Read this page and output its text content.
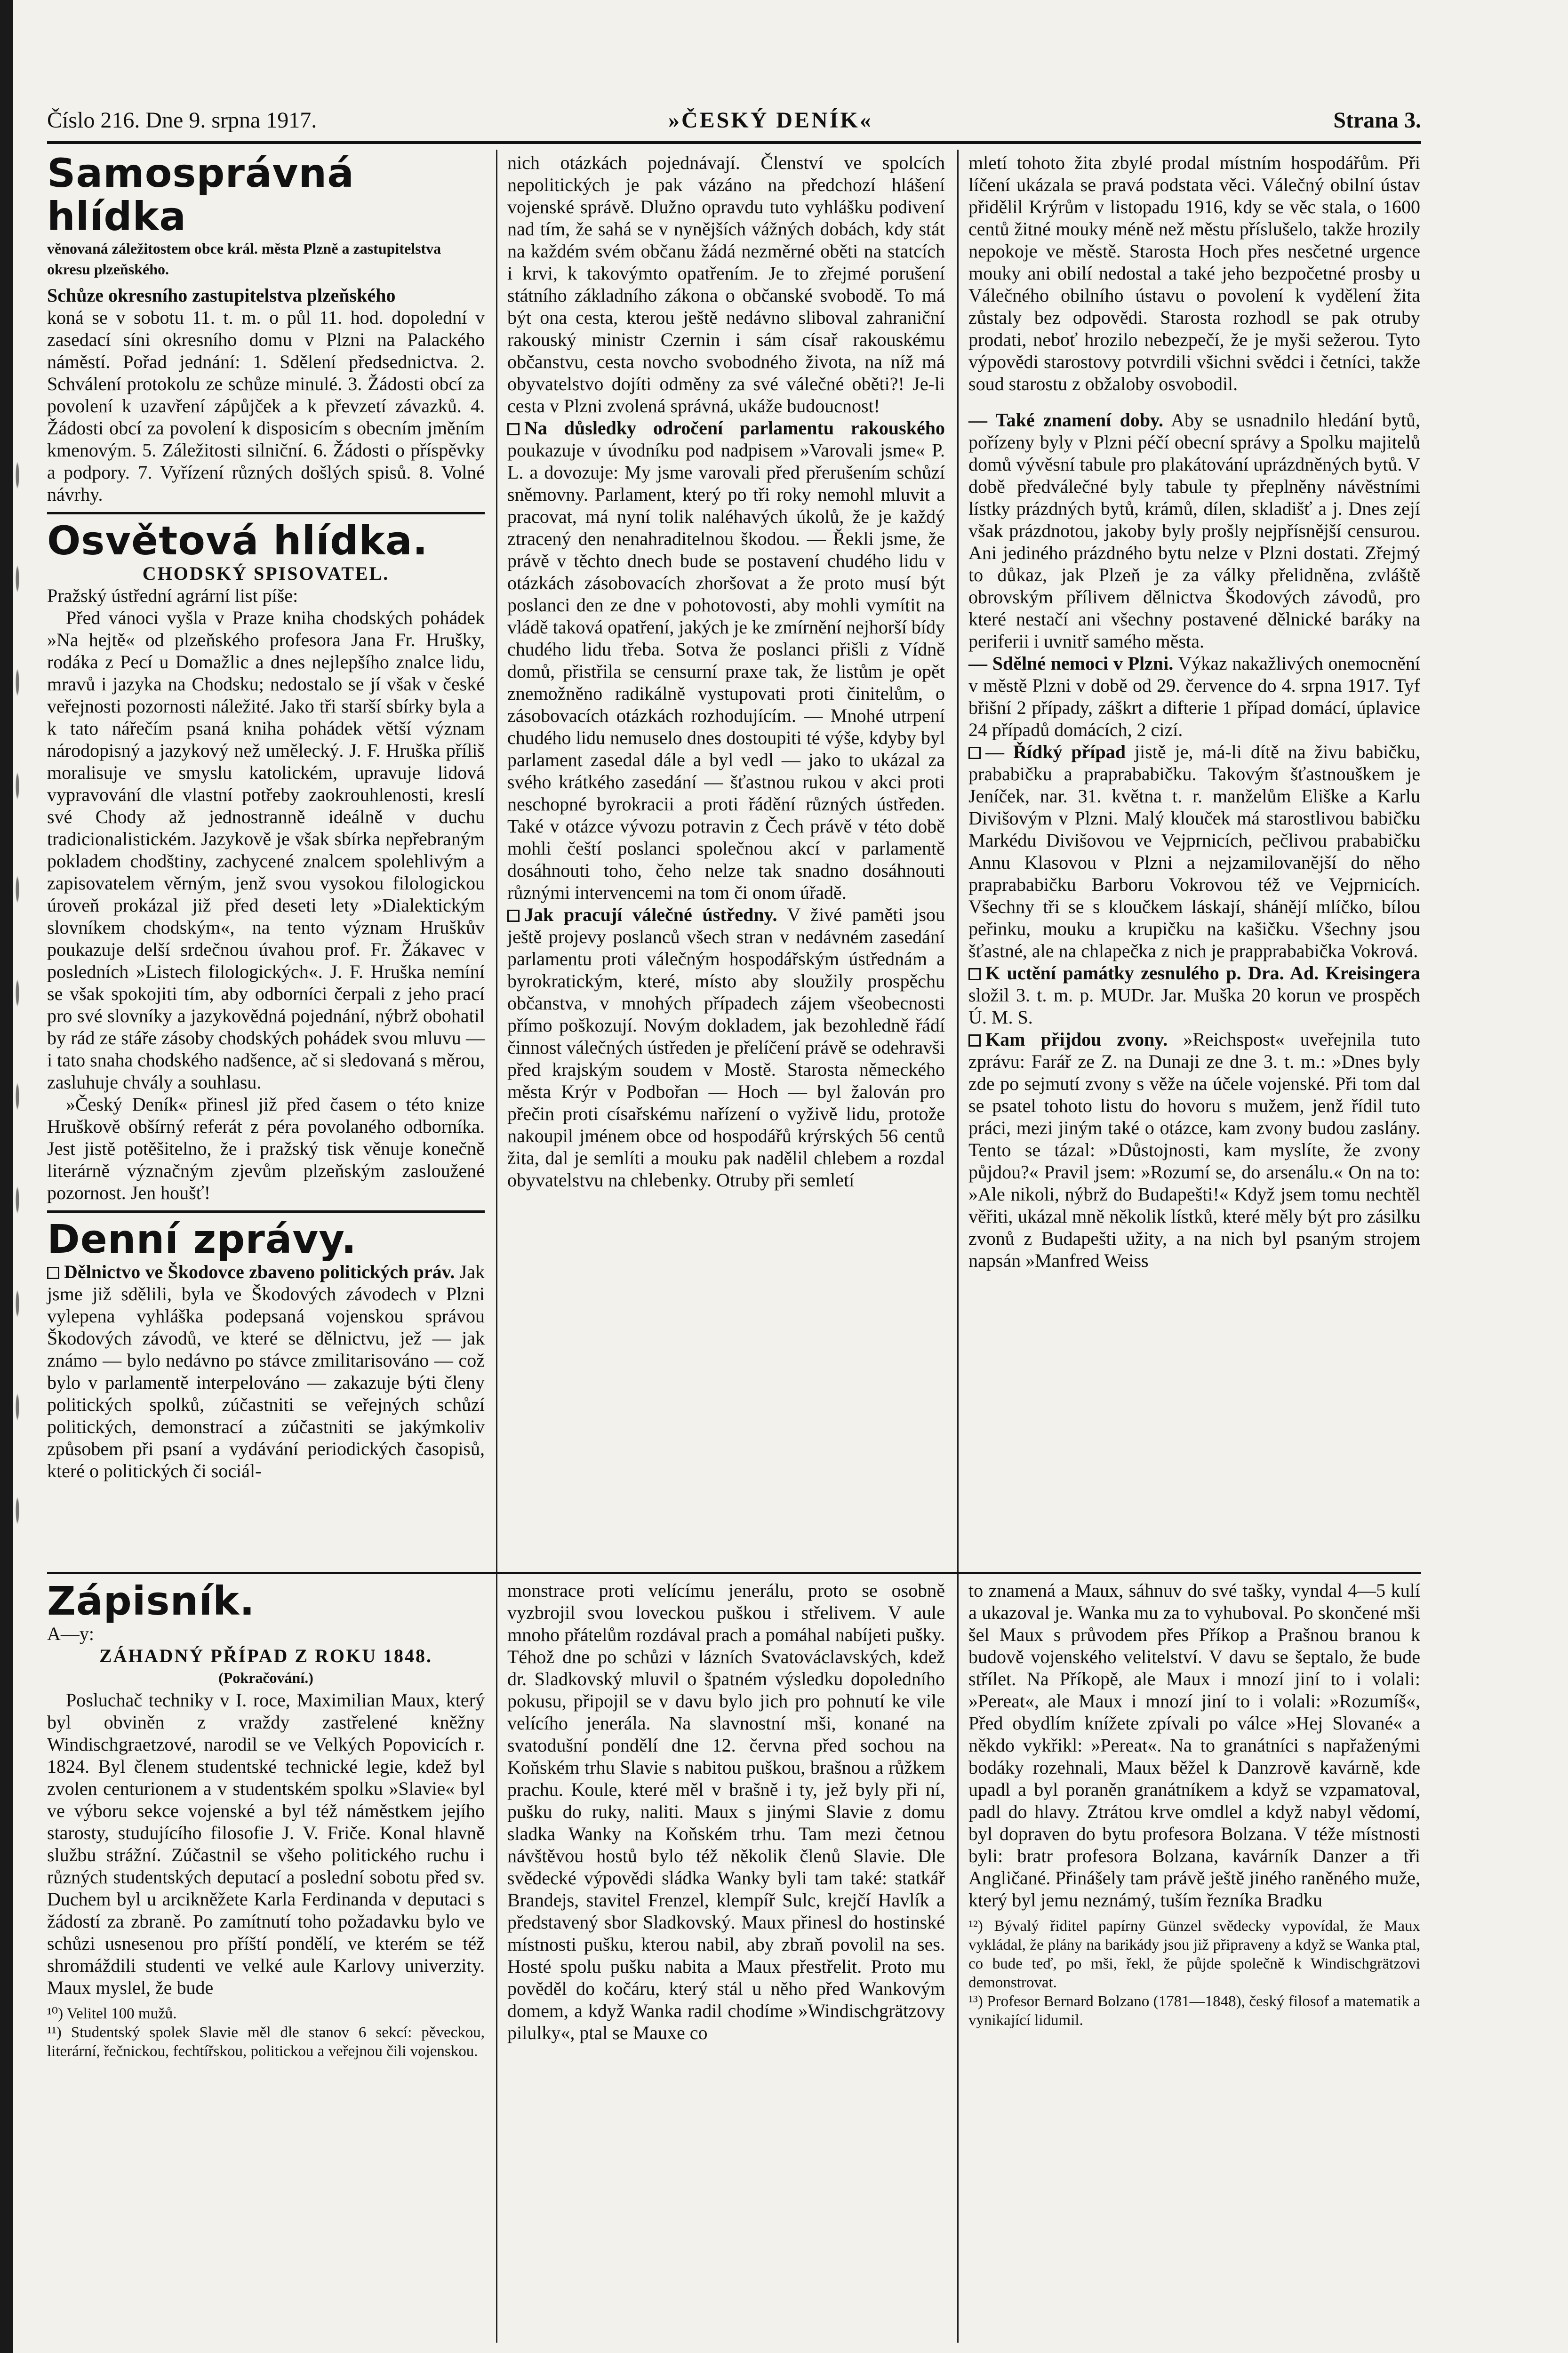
Číslo 216. Dne 9. srpna 1917.	»ČESKÝ DENÍK«	Strana 3.
Samosprávná hlídka

věnovaná záležitostem obce král. města Plzně a zastupitelstva okresu plzeňského.

Schůze okresního zastupitelstva plzeňského

koná se v sobotu 11. t. m. o půl 11. hod. dopolední v zasedací síni okresního domu v Plzni na Palackého náměstí. Pořad jednání: 1. Sdělení předsednictva. 2. Schválení protokolu ze schůze minulé. 3. Žádosti obcí za povolení k uzavření zápůjček a k převzetí závazků. 4. Žádosti obcí za povolení k disposicím s obecním jměním kmenovým. 5. Záležitosti silniční. 6. Žádosti o příspěvky a podpory. 7. Vyřízení různých došlých spisů. 8. Volné návrhy.

Osvětová hlídka.

CHODSKÝ SPISOVATEL.

Pražský ústřední agrární list píše:

Před vánoci vyšla v Praze kniha chodských pohádek »Na hejtě« od plzeňského profesora Jana Fr. Hrušky, rodáka z Pecí u Domažlic a dnes nejlepšího znalce lidu, mravů i jazyka na Chodsku; nedostalo se jí však v české veřejnosti pozornosti náležité. Jako tři starší sbírky byla a k tato nářečím psaná kniha pohádek větší význam národopisný a jazykový než umělecký. J. F. Hruška příliš moralisuje ve smyslu katolickém, upravuje lidová vypravování dle vlastní potřeby zaokrouhlenosti, kreslí své Chody až jednostranně ideálně v duchu tradicionalistickém. Jazykově je však sbírka nepřebraným pokladem chodštiny, zachycené znalcem spolehlivým a zapisovatelem věrným, jenž svou vysokou filologickou úroveň prokázal již před deseti lety »Dialektickým slovníkem chodským«, na tento význam Hruškův poukazuje delší srdečnou úvahou prof. Fr. Žákavec v posledních »Listech filologických«. J. F. Hruška nemíní se však spokojiti tím, aby odborníci čerpali z jeho prací pro své slovníky a jazykovědná pojednání, nýbrž obohatil by rád ze stáře zásoby chodských pohádek svou mluvu — i tato snaha chodského nadšence, ač si sledovaná s měrou, zasluhuje chvály a souhlasu.

»Český Deník« přinesl již před časem o této knize Hruškově obšírný referát z péra povolaného odborníka. Jest jistě potěšitelno, že i pražský tisk věnuje konečně literárně význačným zjevům plzeňským zasloužené pozornost. Jen houšť!

Denní zprávy.

Dělnictvo ve Škodovce zbaveno politických práv. Jak jsme již sdělili, byla ve Škodových závodech v Plzni vylepena vyhláška podepsaná vojenskou správou Škodových závodů, ve které se dělnictvu, jež — jak známo — bylo nedávno po stávce zmilitarisováno — což bylo v parlamentě interpelováno — zakazuje býti členy politických spolků, zúčastniti se veřejných schůzí politických, demonstrací a zúčastniti se jakýmkoliv způsobem při psaní a vydávání periodických časopisů, které o politických či sociál-

Zápisník.

A—y:

ZÁHADNÝ PŘÍPAD Z ROKU 1848.

(Pokračování.)

Posluchač techniky v I. roce, Maximilian Maux, který byl obviněn z vraždy zastřelené kněžny Windischgraetzové, narodil se ve Velkých Popovicích r. 1824. Byl členem studentské technické legie, kdež byl zvolen centurionem a v studentském spolku »Slavie« byl ve výboru sekce vojenské a byl též náměstkem jejího starosty, studujícího filosofie J. V. Friče. Konal hlavně službu strážní. Zúčastnil se všeho politického ruchu i různých studentských deputací a poslední sobotu před sv. Duchem byl u arcikněžete Karla Ferdinanda v deputaci s žádostí za zbraně. Po zamítnutí toho požadavku bylo ve schůzi usnesenou pro příští pondělí, ve kterém se též shromáždili studenti ve velké aule Karlovy univerzity. Maux myslel, že bude

¹⁰) Velitel 100 mužů.

¹¹) Studentský spolek Slavie měl dle stanov 6 sekcí: pěveckou, literární, řečnickou, fechtířskou, politickou a veřejnou čili vojenskou.

nich otázkách pojednávají. Členství ve spolcích nepolitických je pak vázáno na předchozí hlášení vojenské správě. Dlužno opravdu tuto vyhlášku podivení nad tím, že sahá se v nynějších vážných dobách, kdy stát na každém svém občanu žádá nezměrné oběti na statcích i krvi, k takovýmto opatřením. Je to zřejmé porušení státního základního zákona o občanské svobodě. To má být ona cesta, kterou ještě nedávno sliboval zahraniční rakouský ministr Czernin i sám císař rakouskému občanstvu, cesta novcho svobodného života, na níž má obyvatelstvo dojíti odměny za své válečné oběti?! Je-li cesta v Plzni zvolená správná, ukáže budoucnost!

Na důsledky odročení parlamentu rakouského poukazuje v úvodníku pod nadpisem »Varovali jsme« P. L. a dovozuje: My jsme varovali před přerušením schůzí sněmovny. Parlament, který po tři roky nemohl mluvit a pracovat, má nyní tolik naléhavých úkolů, že je každý ztracený den nenahraditelnou škodou. — Řekli jsme, že právě v těchto dnech bude se postavení chudého lidu v otázkách zásobovacích zhoršovat a že proto musí být poslanci den ze dne v pohotovosti, aby mohli vymítit na vládě taková opatření, jakých je ke zmírnění nejhorší bídy chudého lidu třeba. Sotva že poslanci přišli z Vídně domů, přistřila se censurní praxe tak, že listům je opět znemožněno radikálně vystupovati proti činitelům, o zásobovacích otázkách rozhodujícím. — Mnohé utrpení chudého lidu nemuselo dnes dostoupiti té výše, kdyby byl parlament zasedal dále a byl vedl — jako to ukázal za svého krátkého zasedání — šťastnou rukou v akci proti neschopné byrokracii a proti řádění různých ústředen. Také v otázce vývozu potravin z Čech právě v této době mohli čeští poslanci společnou akcí v parlamentě dosáhnouti toho, čeho nelze tak snadno dosáhnouti různými intervencemi na tom či onom úřadě.

Jak pracují válečné ústředny. V živé paměti jsou ještě projevy poslanců všech stran v nedávném zasedání parlamentu proti válečným hospodářským ústřednám a byrokratickým, které, místo aby sloužily prospěchu občanstva, v mnohých případech zájem všeobecnosti přímo poškozují. Novým dokladem, jak bezohledně řádí činnost válečných ústředen je přelíčení právě se odehravši před krajským soudem v Mostě. Starosta německého města Krýr v Podbořan — Hoch — byl žalován pro přečin proti císařskému nařízení o vyživě lidu, protože nakoupil jménem obce od hospodářů krýrských 56 centů žita, dal je semlíti a mouku pak nadělil chlebem a rozdal obyvatelstvu na chlebenky. Otruby při semletí

monstrace proti velícímu jenerálu, proto se osobně vyzbrojil svou loveckou puškou i střelivem. V aule mnoho přátelům rozdával prach a pomáhal nabíjeti pušky. Téhož dne po schůzi v lázních Svatováclavských, kdež dr. Sladkovský mluvil o špatném výsledku dopoledního pokusu, připojil se v davu bylo jich pro pohnutí ke vile velícího jenerála. Na slavnostní mši, konané na svatodušní pondělí dne 12. června před sochou na Koňském trhu Slavie s nabitou puškou, brašnou a růžkem prachu. Koule, které měl v brašně i ty, jež byly při ní, pušku do ruky, naliti. Maux s jinými Slavie z domu sladka Wanky na Koňském trhu. Tam mezi četnou návštěvou hostů bylo též několik členů Slavie. Dle svědecké výpovědi sládka Wanky byli tam také: statkář Brandejs, stavitel Frenzel, klempíř Sulc, krejčí Havlík a představený sbor Sladkovský. Maux přinesl do hostinské místnosti pušku, kterou nabil, aby zbraň povolil na ses. Hosté spolu pušku nabita a Maux přestřelit. Proto mu pověděl do kočáru, který stál u něho před Wankovým domem, a když Wanka radil chodíme »Windischgrätzovy pilulky«, ptal se Mauxe co

mletí tohoto žita zbylé prodal místním hospodářům. Při líčení ukázala se pravá podstata věci. Válečný obilní ústav přidělil Krýrům v listopadu 1916, kdy se věc stala, o 1600 centů žitné mouky méně než městu příslušelo, takže hrozily nepokoje ve městě. Starosta Hoch přes nesčetné urgence mouky ani obilí nedostal a také jeho bezpočetné prosby u Válečného obilního ústavu o povolení k vydělení žita zůstaly bez odpovědi. Starosta rozhodl se pak otruby prodati, neboť hrozilo nebezpečí, že je myši sežerou. Tyto výpovědi starostovy potvrdili všichni svědci i četníci, takže soud starostu z obžaloby osvobodil.

— Také znamení doby. Aby se usnadnilo hledání bytů, pořízeny byly v Plzni péčí obecní správy a Spolku majitelů domů vývěsní tabule pro plakátování uprázdněných bytů. V době předválečné byly tabule ty přeplněny návěstními lístky prázdných bytů, krámů, dílen, skladišť a j. Dnes zejí však prázdnotou, jakoby byly prošly nejpřísnější censurou. Ani jediného prázdného bytu nelze v Plzni dostati. Zřejmý to důkaz, jak Plzeň je za války přelidněna, zvláště obrovským přílivem dělnictva Škodových závodů, pro které nestačí ani všechny postavené dělnické baráky na periferii i uvnitř samého města.

— Sdělné nemoci v Plzni. Výkaz nakažlivých onemocnění v městě Plzni v době od 29. července do 4. srpna 1917. Tyf břišní 2 případy, záškrt a difterie 1 případ domácí, úplavice 24 případů domácích, 2 cizí.

— Řídký případ jistě je, má-li dítě na živu babičku, prababičku a praprababičku. Takovým šťastnouškem je Jeníček, nar. 31. května t. r. manželům Eliške a Karlu Divišovým v Plzni. Malý klouček má starostlivou babičku Markédu Divišovou ve Vejprnicích, pečlivou prababičku Annu Klasovou v Plzni a nejzamilovanější do něho praprababičku Barboru Vokrovou též ve Vejprnicích. Všechny tři se s kloučkem láskají, shánějí mlíčko, bílou peřinku, mouku a krupičku na kašičku. Všechny jsou šťastné, ale na chlapečka z nich je prapprababička Vokrová.

K uctění památky zesnulého p. Dra. Ad. Kreisingera složil 3. t. m. p. MUDr. Jar. Muška 20 korun ve prospěch Ú. M. S.

Kam přijdou zvony. »Reichspost« uveřejnila tuto zprávu: Farář ze Z. na Dunaji ze dne 3. t. m.: »Dnes byly zde po sejmutí zvony s věže na účele vojenské. Při tom dal se psatel tohoto listu do hovoru s mužem, jenž řídil tuto práci, mezi jiným také o otázce, kam zvony budou zaslány. Tento se tázal: »Důstojnosti, kam myslíte, že zvony půjdou?« Pravil jsem: »Rozumí se, do arsenálu.« On na to: »Ale nikoli, nýbrž do Budapešti!« Když jsem tomu nechtěl věřiti, ukázal mně několik lístků, které měly být pro zásilku zvonů z Budapešti užity, a na nich byl psaným strojem napsán »Manfred Weiss

to znamená a Maux, sáhnuv do své tašky, vyndal 4—5 kulí a ukazoval je. Wanka mu za to vyhuboval. Po skončené mši šel Maux s průvodem přes Příkop a Prašnou branou k budově vojenského velitelství. V davu se šeptalo, že bude střílet. Na Příkopě, ale Maux i mnozí jiní to i volali: »Pereat«, ale Maux i mnozí jiní to i volali: »Rozumíš«, Před obydlím knížete zpívali po válce »Hej Slované« a někdo vykřikl: »Pereat«. Na to granátníci s napřaženými bodáky rozehnali, Maux běžel k Danzrově kavárně, kde upadl a byl poraněn granátníkem a když se vzpamatoval, padl do hlavy. Ztrátou krve omdlel a když nabyl vědomí, byl dopraven do bytu profesora Bolzana. V téže místnosti byli: bratr profesora Bolzana, kavárník Danzer a tři Angličané. Přinášely tam právě ještě jiného raněného muže, který byl jemu neznámý, tuším řezníka Bradku

¹²) Bývalý řiditel papírny Günzel svědecky vypovídal, že Maux vykládal, že plány na barikády jsou již připraveny a když se Wanka ptal, co bude teď, po mši, řekl, že půjde společně k Windischgrätzovi demonstrovat.

¹³) Profesor Bernard Bolzano (1781—1848), český filosof a matematik a vynikající lidumil.
